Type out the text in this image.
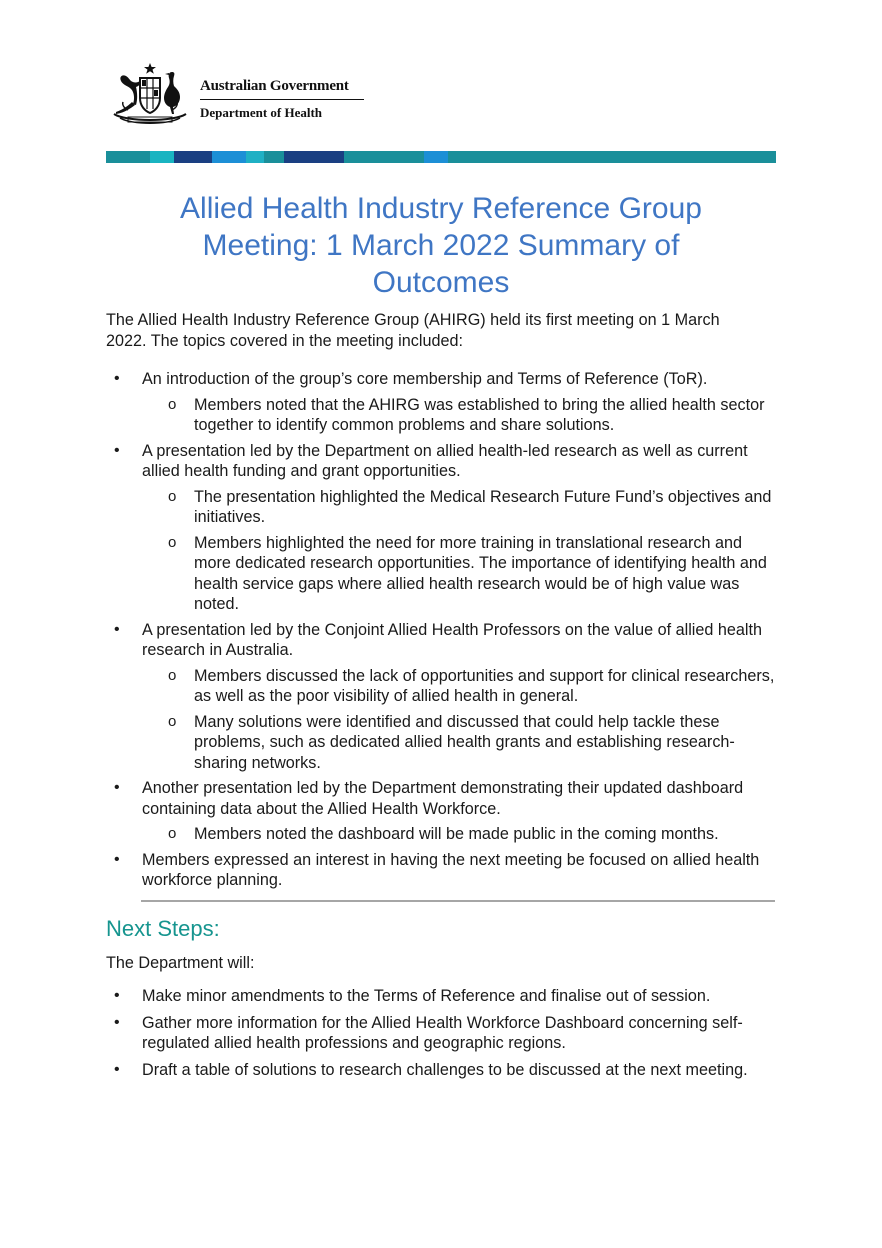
Australian Government
Department of Health
Allied Health Industry Reference Group
Meeting: 1 March 2022 Summary of
Outcomes

The Allied Health Industry Reference Group (AHIRG) held its first meeting on 1 March 2022. The topics covered in the meeting included:

• An introduction of the group’s core membership and Terms of Reference (ToR).
o Members noted that the AHIRG was established to bring the allied health sector together to identify common problems and share solutions.
• A presentation led by the Department on allied health-led research as well as current allied health funding and grant opportunities.
o The presentation highlighted the Medical Research Future Fund’s objectives and initiatives.
o Members highlighted the need for more training in translational research and more dedicated research opportunities. The importance of identifying health and health service gaps where allied health research would be of high value was noted.
• A presentation led by the Conjoint Allied Health Professors on the value of allied health research in Australia.
o Members discussed the lack of opportunities and support for clinical researchers, as well as the poor visibility of allied health in general.
o Many solutions were identified and discussed that could help tackle these problems, such as dedicated allied health grants and establishing research-sharing networks.
• Another presentation led by the Department demonstrating their updated dashboard containing data about the Allied Health Workforce.
o Members noted the dashboard will be made public in the coming months.
• Members expressed an interest in having the next meeting be focused on allied health workforce planning.
Next Steps:

The Department will:

• Make minor amendments to the Terms of Reference and finalise out of session.
• Gather more information for the Allied Health Workforce Dashboard concerning self-regulated allied health professions and geographic regions.
• Draft a table of solutions to research challenges to be discussed at the next meeting.
